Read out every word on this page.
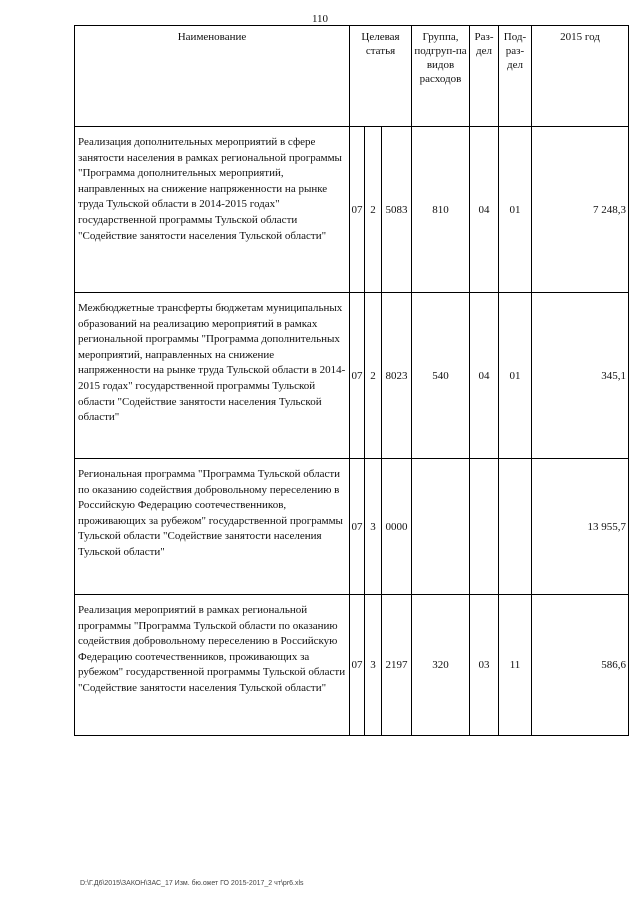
110
Наименование	Целевая статья			Группа, подгруп-па видов расходов	Раз-дел	Под-раз-дел	2015 год
Реализация дополнительных мероприятий в сфере занятости населения в рамках региональной программы "Программа дополнительных мероприятий, направленных на снижение напряженности на рынке труда Тульской области в 2014-2015 годах" государственной программы Тульской области "Содействие занятости населения Тульской области"	07	2	5083	810	04	01	7 248,3
Межбюджетные трансферты бюджетам муниципальных образований на реализацию мероприятий в рамках региональной программы "Программа дополнительных мероприятий, направленных на снижение напряженности на рынке труда Тульской области в 2014-2015 годах" государственной программы Тульской области "Содействие занятости населения Тульской области"	07	2	8023	540	04	01	345,1
Региональная программа "Программа Тульской области по оказанию содействия добровольному переселению в Российскую Федерацию соотечественников, проживающих за рубежом" государственной программы Тульской области "Содействие занятости населения Тульской области"	07	3	0000				13 955,7
Реализация мероприятий в рамках региональной программы "Программа Тульской области по оказанию содействия добровольному переселению в Российскую Федерацию соотечественников, проживающих за рубежом" государственной программы Тульской области "Содействие занятости населения Тульской области"	07	3	2197	320	03	11	586,6
D:\Г.Д6\2015\ЗАКОН\ЗАС_17 Изм. бю.ожет ГО 2015-2017_2 чт\pr6.xls
